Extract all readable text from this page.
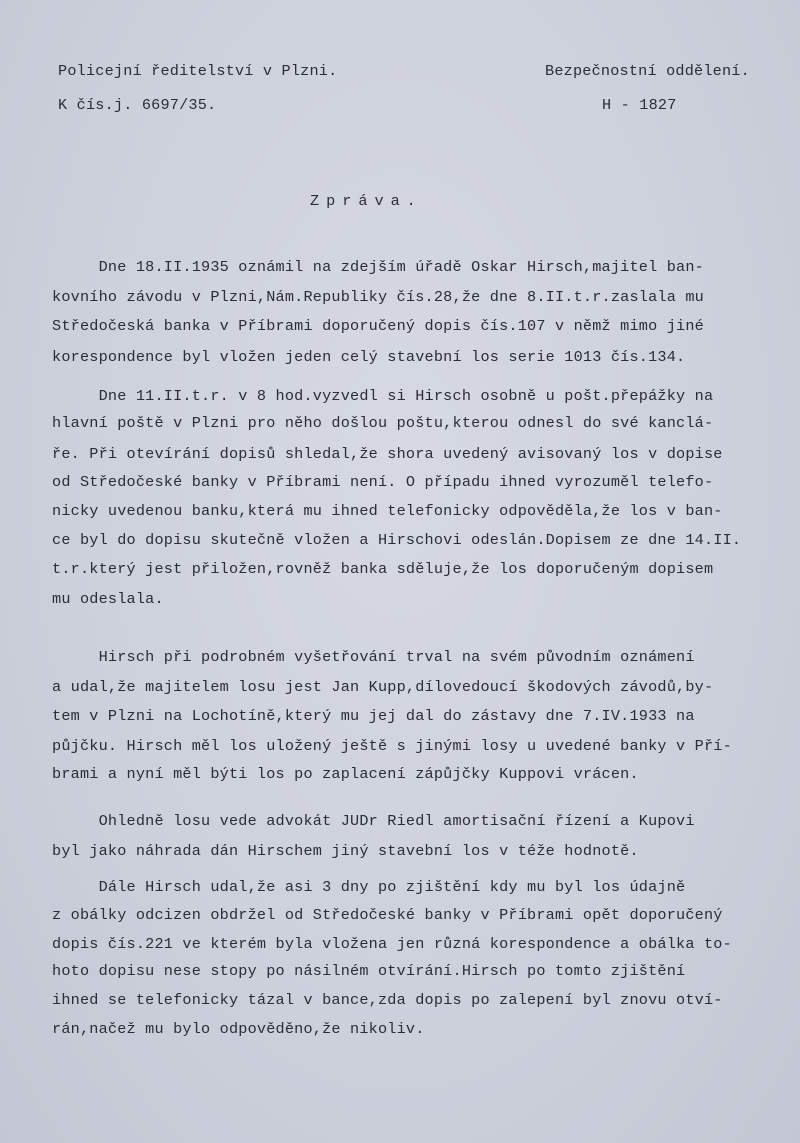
Policejní ředitelství v Plzni.
K čís.j. 6697/35.
Bezpečnostní oddělení.
H - 1827
Zpráva.
Dne 18.II.1935 oznámil na zdejším úřadě Oskar Hirsch,majitel ban-
kovního závodu v Plzni,Nám.Republiky čís.28,že dne 8.II.t.r.zaslala mu
Středočeská banka v Příbrami doporučený dopis čís.107 v němž mimo jiné
korespondence byl vložen jeden celý stavební los serie 1013 čís.134.
Dne 11.II.t.r. v 8 hod.vyzvedl si Hirsch osobně u pošt.přepážky na
hlavní poště v Plzni pro něho došlou poštu,kterou odnesl do své kanclá-
ře. Při otevírání dopisů shledal,že shora uvedený avisovaný los v dopise
od Středočeské banky v Příbrami není. O případu ihned vyrozuměl telefo-
nicky uvedenou banku,která mu ihned telefonicky odpověděla,že los v ban-
ce byl do dopisu skutečně vložen a Hirschovi odeslán.Dopisem ze dne 14.II.
t.r.který jest přiložen,rovněž banka sděluje,že los doporučeným dopisem
mu odeslala.
Hirsch při podrobném vyšetřování trval na svém původním oznámení
a udal,že majitelem losu jest Jan Kupp,dílovedoucí škodových závodů,by-
tem v Plzni na Lochotíně,který mu jej dal do zástavy dne 7.IV.1933 na
půjčku. Hirsch měl los uložený ještě s jinými losy u uvedené banky v Pří-
brami a nyní měl býti los po zaplacení zápůjčky Kuppovi vrácen.
Ohledně losu vede advokát JUDr Riedl amortisační řízení a Kupovi
byl jako náhrada dán Hirschem jiný stavební los v téže hodnotě.
Dále Hirsch udal,že asi 3 dny po zjištění kdy mu byl los údajně
z obálky odcizen obdržel od Středočeské banky v Příbrami opět doporučený
dopis čís.221 ve kterém byla vložena jen různá korespondence a obálka to-
hoto dopisu nese stopy po násilném otvírání.Hirsch po tomto zjištění
ihned se telefonicky tázal v bance,zda dopis po zalepení byl znovu otví-
rán,načež mu bylo odpověděno,že nikoliv.
